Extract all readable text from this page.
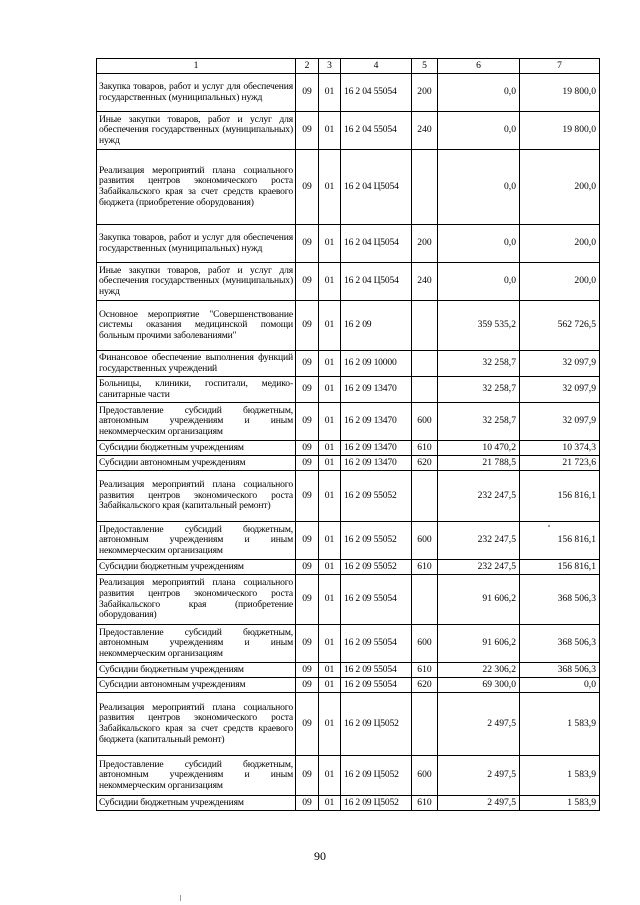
1	2	3	4	5	6	7
Закупка товаров, работ и услуг для обеспечения государственных (муниципальных) нужд	09	01	16 2 04 55054	200	0,0	19 800,0
Иные закупки товаров, работ и услуг для обеспечения государственных (муниципальных) нужд	09	01	16 2 04 55054	240	0,0	19 800,0
Реализация мероприятий плана социального развития центров экономического роста Забайкальского края за счет средств краевого бюджета (приобретение оборудования)	09	01	16 2 04 Ц5054		0,0	200,0
Закупка товаров, работ и услуг для обеспечения государственных (муниципальных) нужд	09	01	16 2 04 Ц5054	200	0,0	200,0
Иные закупки товаров, работ и услуг для обеспечения государственных (муниципальных) нужд	09	01	16 2 04 Ц5054	240	0,0	200,0
Основное мероприятие "Совершенствование системы оказания медицинской помощи больным прочими заболеваниями"	09	01	16 2 09		359 535,2	562 726,5
Финансовое обеспечение выполнения функций государственных учреждений	09	01	16 2 09 10000		32 258,7	32 097,9
Больницы, клиники, госпитали, медико-санитарные части	09	01	16 2 09 13470		32 258,7	32 097,9
Предоставление субсидий бюджетным, автономным учреждениям и иным некоммерческим организациям	09	01	16 2 09 13470	600	32 258,7	32 097,9
Субсидии бюджетным учреждениям	09	01	16 2 09 13470	610	10 470,2	10 374,3
Субсидии автономным учреждениям	09	01	16 2 09 13470	620	21 788,5	21 723,6
Реализация мероприятий плана социального развития центров экономического роста Забайкальского края (капитальный ремонт)	09	01	16 2 09 55052		232 247,5	156 816,1
Предоставление субсидий бюджетным, автономным учреждениям и иным некоммерческим организациям	09	01	16 2 09 55052	600	232 247,5	156 816,1
Субсидии бюджетным учреждениям	09	01	16 2 09 55052	610	232 247,5	156 816,1
Реализация мероприятий плана социального развития центров экономического роста Забайкальского края (приобретение оборудования)	09	01	16 2 09 55054		91 606,2	368 506,3
Предоставление субсидий бюджетным, автономным учреждениям и иным некоммерческим организациям	09	01	16 2 09 55054	600	91 606,2	368 506,3
Субсидии бюджетным учреждениям	09	01	16 2 09 55054	610	22 306,2	368 506,3
Субсидии автономным учреждениям	09	01	16 2 09 55054	620	69 300,0	0,0
Реализация мероприятий плана социального развития центров экономического роста Забайкальского края за счет средств краевого бюджета (капитальный ремонт)	09	01	16 2 09 Ц5052		2 497,5	1 583,9
Предоставление субсидий бюджетным, автономным учреждениям и иным некоммерческим организациям	09	01	16 2 09 Ц5052	600	2 497,5	1 583,9
Субсидии бюджетным учреждениям	09	01	16 2 09 Ц5052	610	2 497,5	1 583,9
90
